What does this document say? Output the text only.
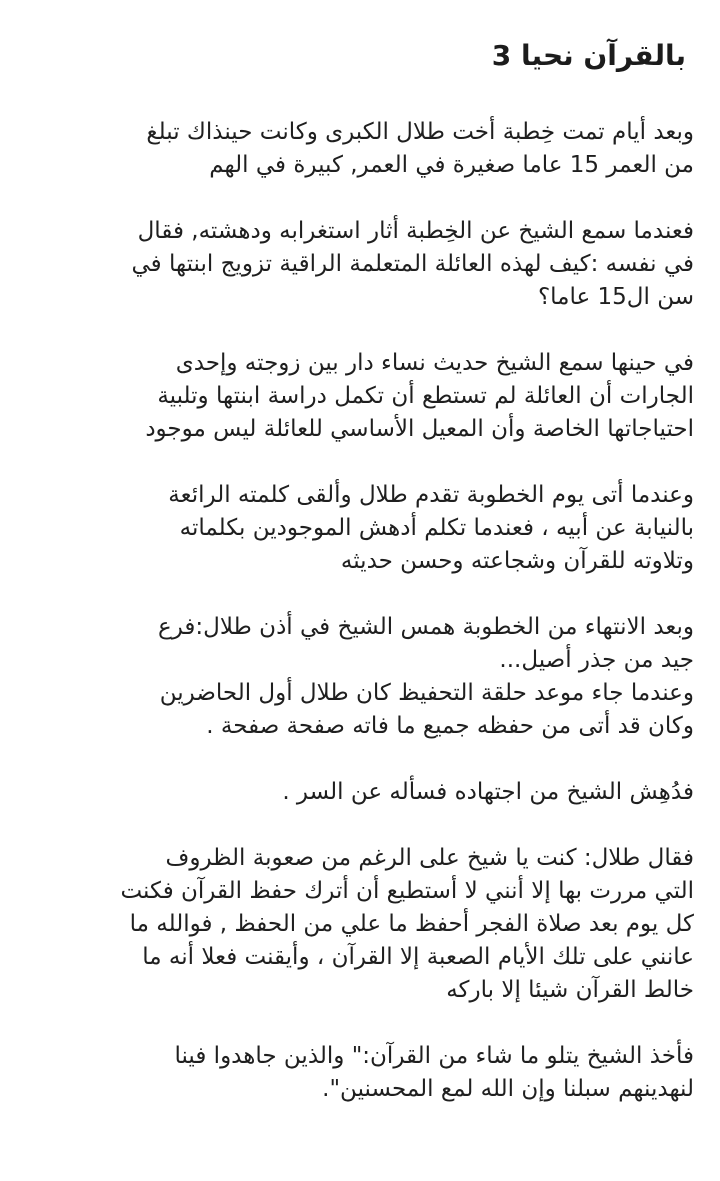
بالقرآن نحيا 3
وبعد أيام تمت خِطبة أخت طلال الكبرى وكانت حينذاك تبلغ
من العمر 15 عاما صغيرة في العمر, كبيرة في الهم
فعندما سمع الشيخ عن الخِطبة أثار استغرابه ودهشته, فقال
في نفسه :كيف لهذه العائلة المتعلمة الراقية تزويج ابنتها في
سن ال15 عاما؟
في حينها سمع الشيخ حديث نساء دار بين زوجته وإحدى
الجارات أن العائلة لم تستطع أن تكمل دراسة ابنتها وتلبية
احتياجاتها الخاصة وأن المعيل الأساسي للعائلة ليس موجود
وعندما أتى يوم الخطوبة تقدم طلال وألقى كلمته الرائعة
بالنيابة عن أبيه ، فعندما تكلم أدهش الموجودين بكلماته
وتلاوته للقرآن وشجاعته وحسن حديثه
وبعد الانتهاء من الخطوبة همس الشيخ في أذن طلال:فرع
جيد من جذر أصيل...
وعندما جاء موعد حلقة التحفيظ كان طلال أول الحاضرين
وكان قد أتى من حفظه جميع ما فاته صفحة صفحة .
فدُهِش الشيخ من اجتهاده فسأله عن السر .
فقال طلال: كنت يا شيخ على الرغم من صعوبة الظروف
التي مررت بها إلا أنني لا أستطيع أن أترك حفظ القرآن فكنت
كل يوم بعد صلاة الفجر أحفظ ما علي من الحفظ , فوالله ما
عانني على تلك الأيام الصعبة إلا القرآن ، وأيقنت فعلا أنه ما
خالط القرآن شيئا إلا باركه
فأخذ الشيخ يتلو ما شاء من القرآن:" والذين جاهدوا فينا
لنهدينهم سبلنا وإن الله لمع المحسنين".
